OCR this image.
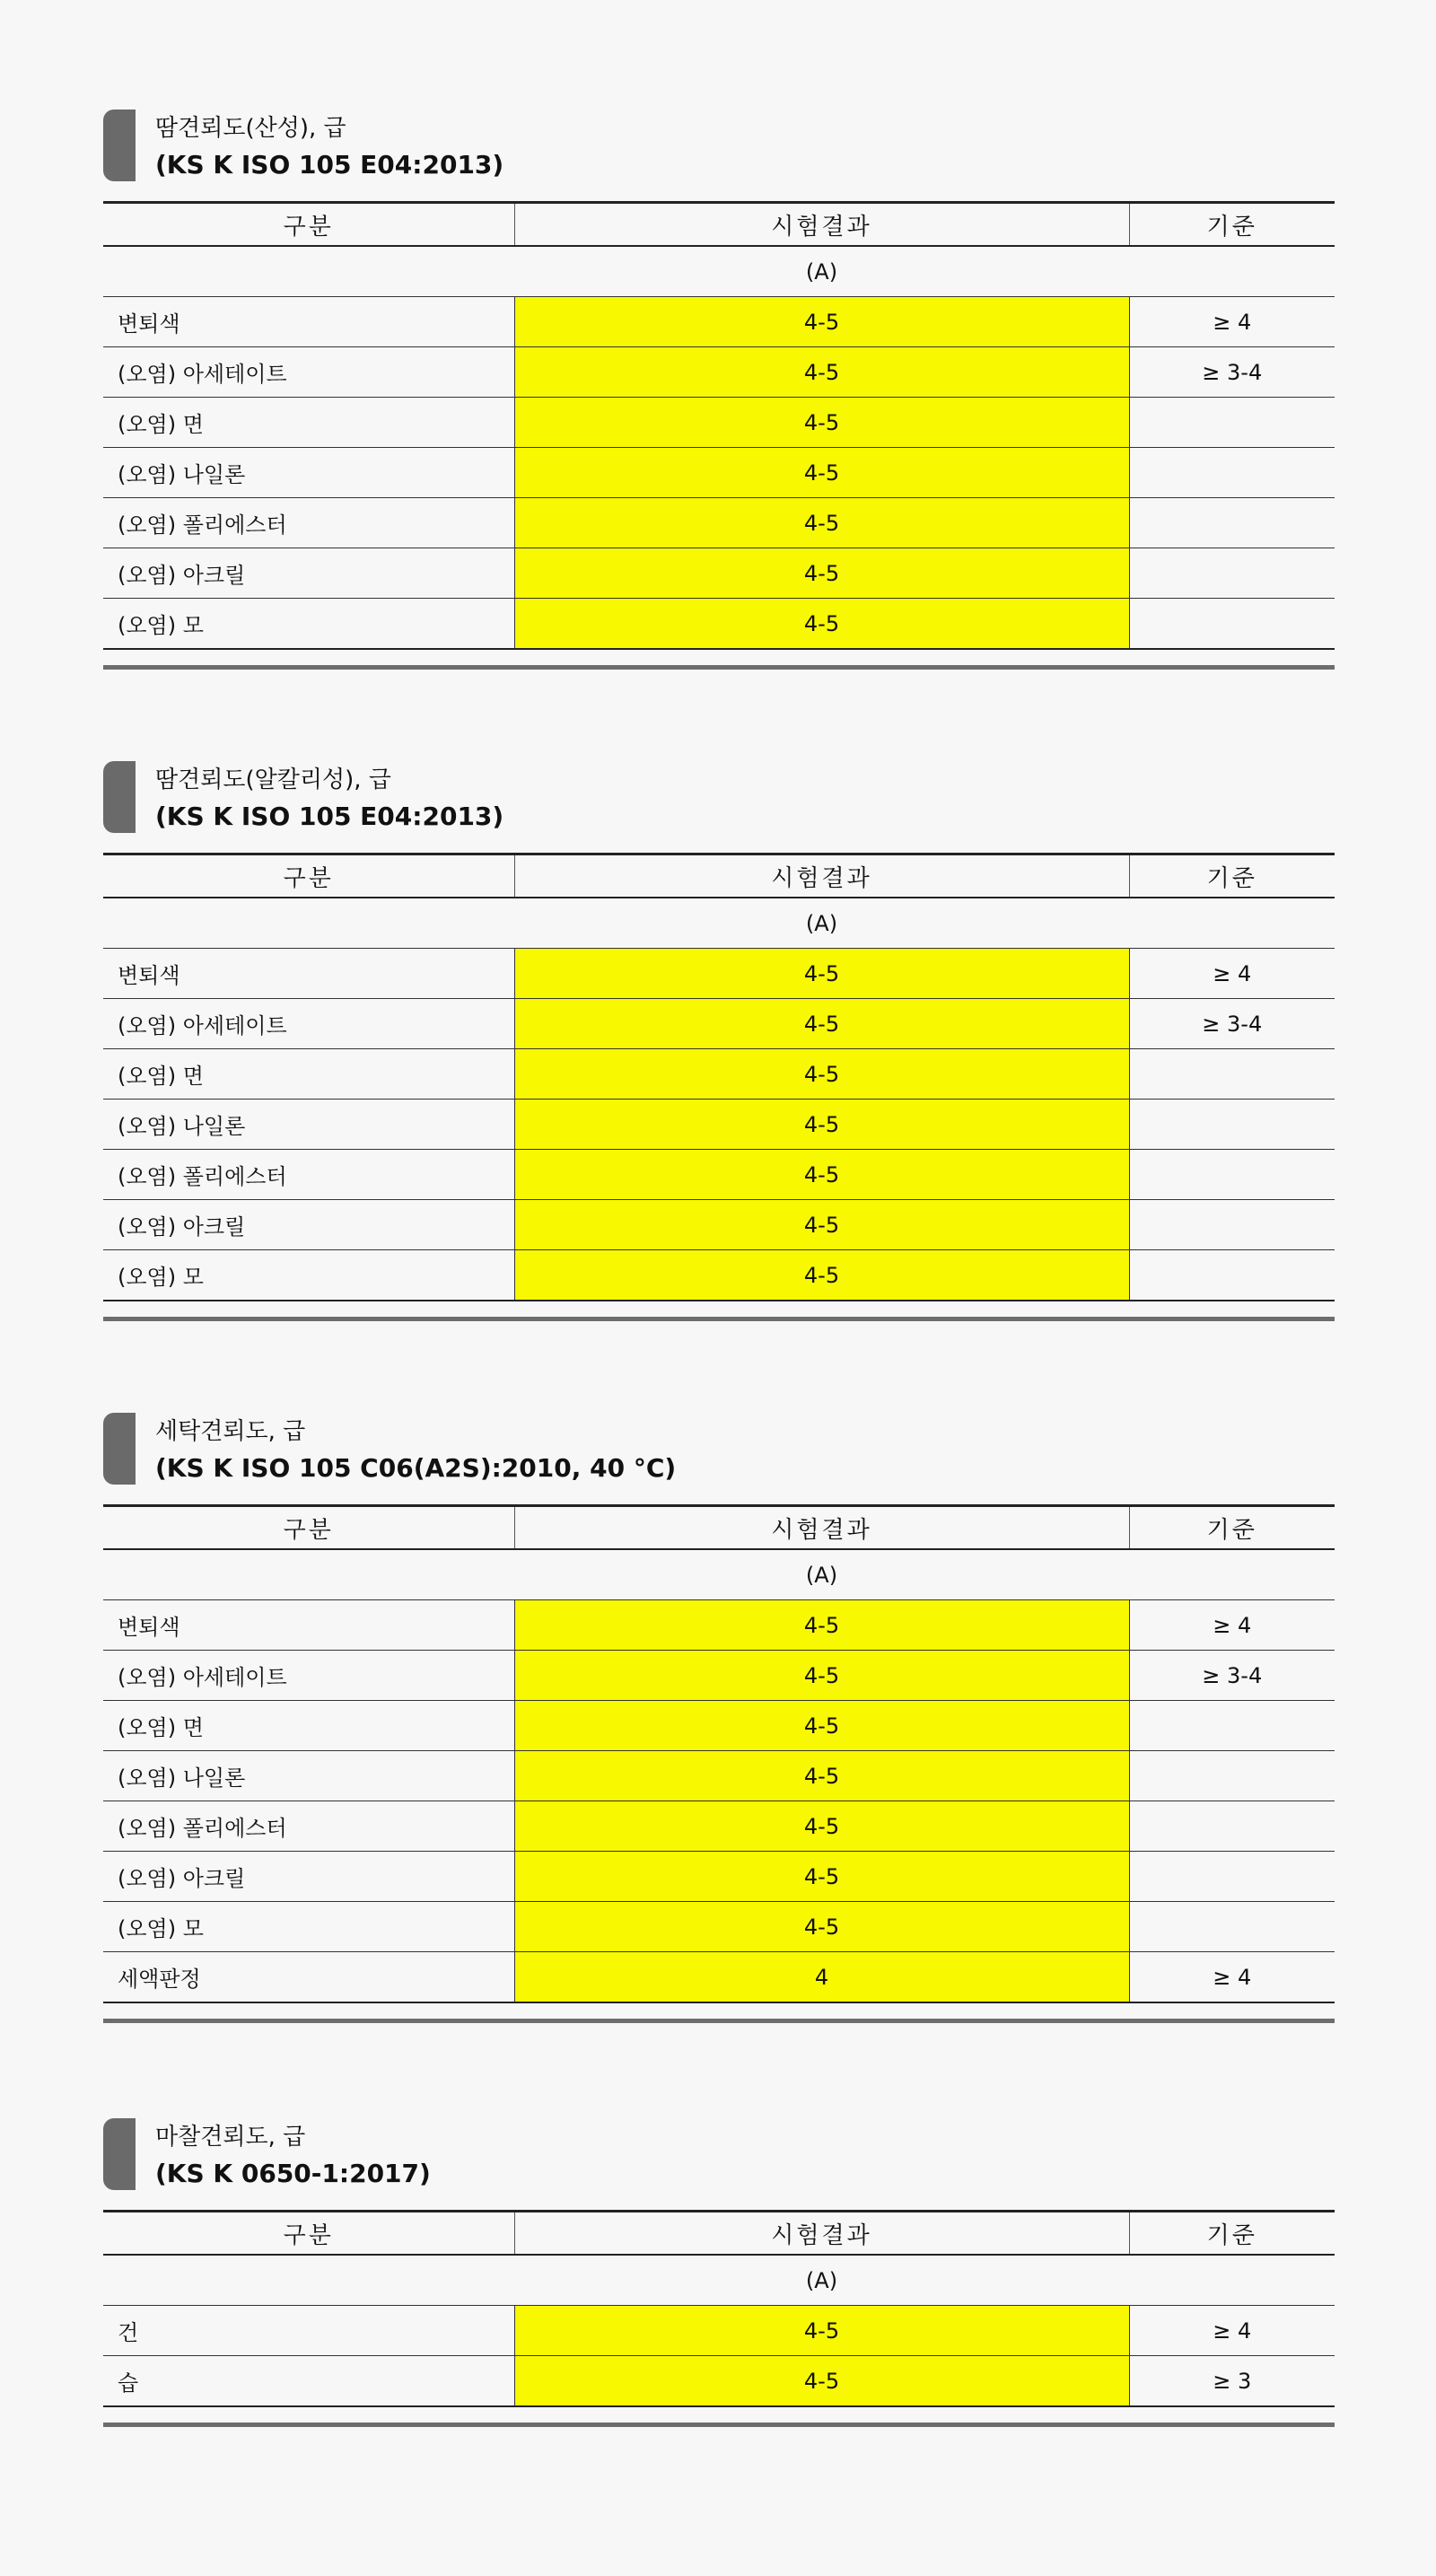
땀견뢰도(산성), 급
(KS K ISO 105 E04:2013)
구분	시험결과	기준
	(A)	
변퇴색	4-5	≥ 4
(오염) 아세테이트	4-5	≥ 3-4
(오염) 면	4-5	
(오염) 나일론	4-5	
(오염) 폴리에스터	4-5	
(오염) 아크릴	4-5	
(오염) 모	4-5	
땀견뢰도(알칼리성), 급
(KS K ISO 105 E04:2013)
구분	시험결과	기준
	(A)	
변퇴색	4-5	≥ 4
(오염) 아세테이트	4-5	≥ 3-4
(오염) 면	4-5	
(오염) 나일론	4-5	
(오염) 폴리에스터	4-5	
(오염) 아크릴	4-5	
(오염) 모	4-5	
세탁견뢰도, 급
(KS K ISO 105 C06(A2S):2010, 40 °C)
구분	시험결과	기준
	(A)	
변퇴색	4-5	≥ 4
(오염) 아세테이트	4-5	≥ 3-4
(오염) 면	4-5	
(오염) 나일론	4-5	
(오염) 폴리에스터	4-5	
(오염) 아크릴	4-5	
(오염) 모	4-5	
세액판정	4	≥ 4
마찰견뢰도, 급
(KS K 0650-1:2017)
구분	시험결과	기준
	(A)	
건	4-5	≥ 4
습	4-5	≥ 3
